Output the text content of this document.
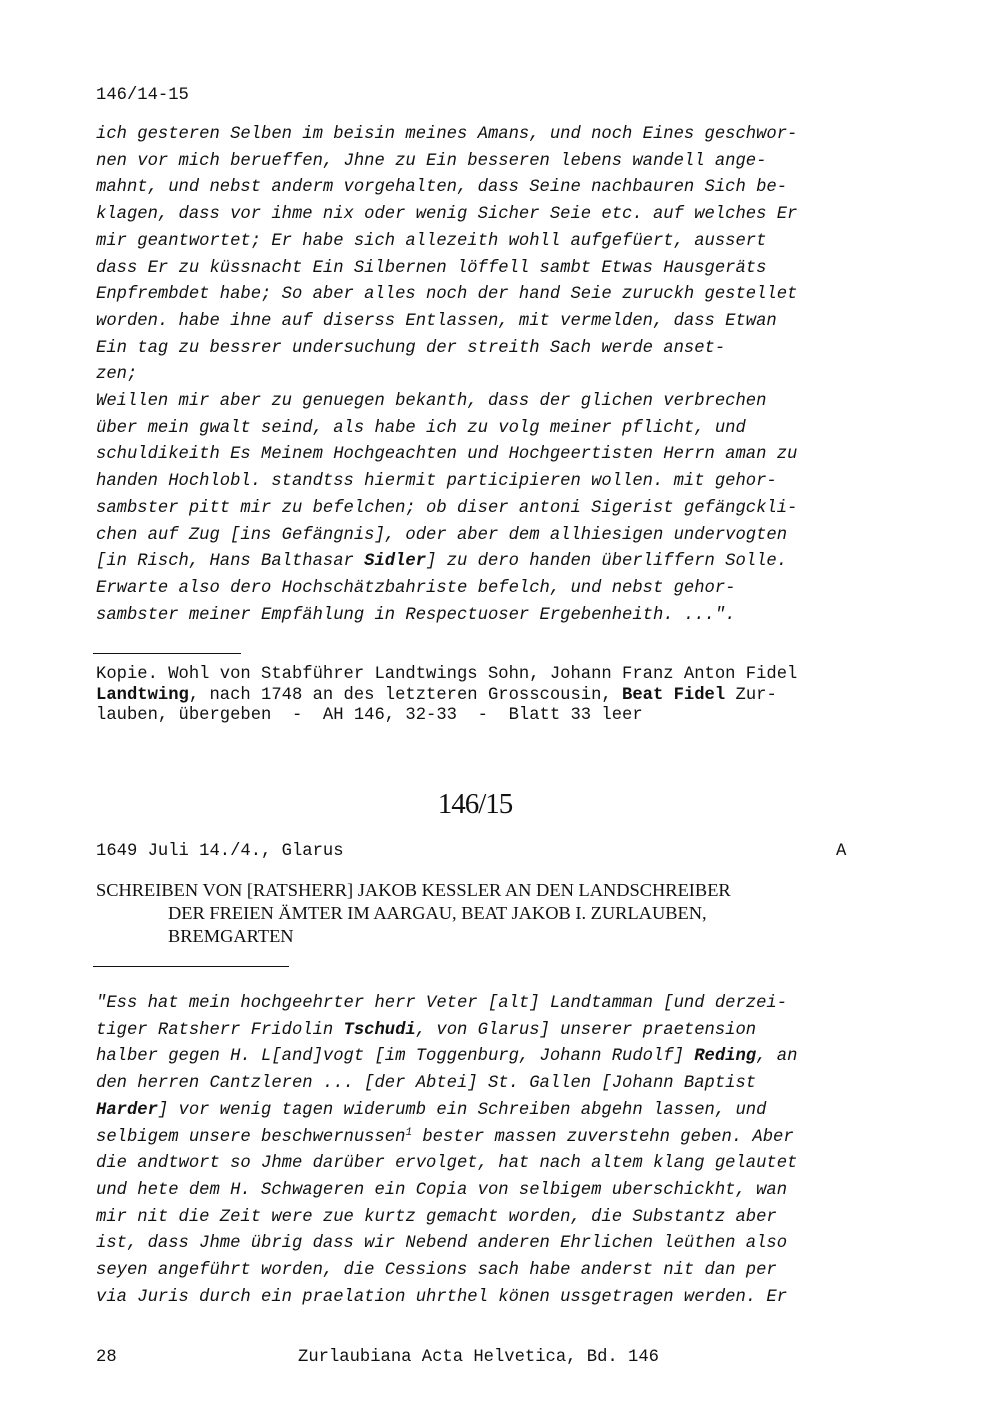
146/14-15
ich gesteren Selben im beisin meines Amans, und noch Eines geschwor-
nen vor mich berueffen, Jhne zu Ein besseren lebens wandell ange-
mahnt, und nebst anderm vorgehalten, dass Seine nachbauren Sich be-
klagen, dass vor ihme nix oder wenig Sicher Seie etc. auf welches Er
mir geantwortet; Er habe sich allezeith wohll aufgefüert, aussert
dass Er zu küssnacht Ein Silbernen löffell sambt Etwas Hausgeräts
Enpfrembdet habe; So aber alles noch der hand Seie zuruckh gestellet
worden. habe ihne auf diserss Entlassen, mit vermelden, dass Etwan
Ein tag zu bessrer undersuchung der streith Sach werde anset-
zen;
Weillen mir aber zu genuegen bekanth, dass der glichen verbrechen
über mein gwalt seind, als habe ich zu volg meiner pflicht, und
schuldikeith Es Meinem Hochgeachten und Hochgeertisten Herrn aman zu
handen Hochlobl. standtss hiermit participieren wollen. mit gehor-
sambster pitt mir zu befelchen; ob diser antoni Sigerist gefängckli-
chen auf Zug [ins Gefängnis], oder aber dem allhiesigen undervogten
[in Risch, Hans Balthasar Sidler] zu dero handen überliffern Solle.
Erwarte also dero Hochschätzbahriste befelch, und nebst gehor-
sambster meiner Empfählung in Respectuoser Ergebenheith. ...".
Kopie. Wohl von Stabführer Landtwings Sohn, Johann Franz Anton Fidel
Landtwing, nach 1748 an des letzteren Grosscousin, Beat Fidel Zur-
lauben, übergeben  -  AH 146, 32-33  -  Blatt 33 leer
146/15
1649 Juli 14./4., Glarus	A
SCHREIBEN VON [RATSHERR] JAKOB KESSLER AN DEN LANDSCHREIBER
DER FREIEN ÄMTER IM AARGAU, BEAT JAKOB I. ZURLAUBEN,
BREMGARTEN
"Ess hat mein hochgeehrter herr Veter [alt] Landtamman [und derzei-
tiger Ratsherr Fridolin Tschudi, von Glarus] unserer praetension
halber gegen H. L[and]vogt [im Toggenburg, Johann Rudolf] Reding, an
den herren Cantzleren ... [der Abtei] St. Gallen [Johann Baptist
Harder] vor wenig tagen widerumb ein Schreiben abgehn lassen, und
selbigem unsere beschwernussen$^1$ bester massen zuverstehn geben. Aber
die andtwort so Jhme darüber ervolget, hat nach altem klang gelautet
und hete dem H. Schwageren ein Copia von selbigem uberschickht, wan
mir nit die Zeit were zue kurtz gemacht worden, die Substantz aber
ist, dass Jhme übrig dass wir Nebend anderen Ehrlichen leüthen also
seyen angeführt worden, die Cessions sach habe anderst nit dan per
via Juris durch ein praelation uhrthel könen ussgetragen werden. Er
28	Zurlaubiana Acta Helvetica, Bd. 146
